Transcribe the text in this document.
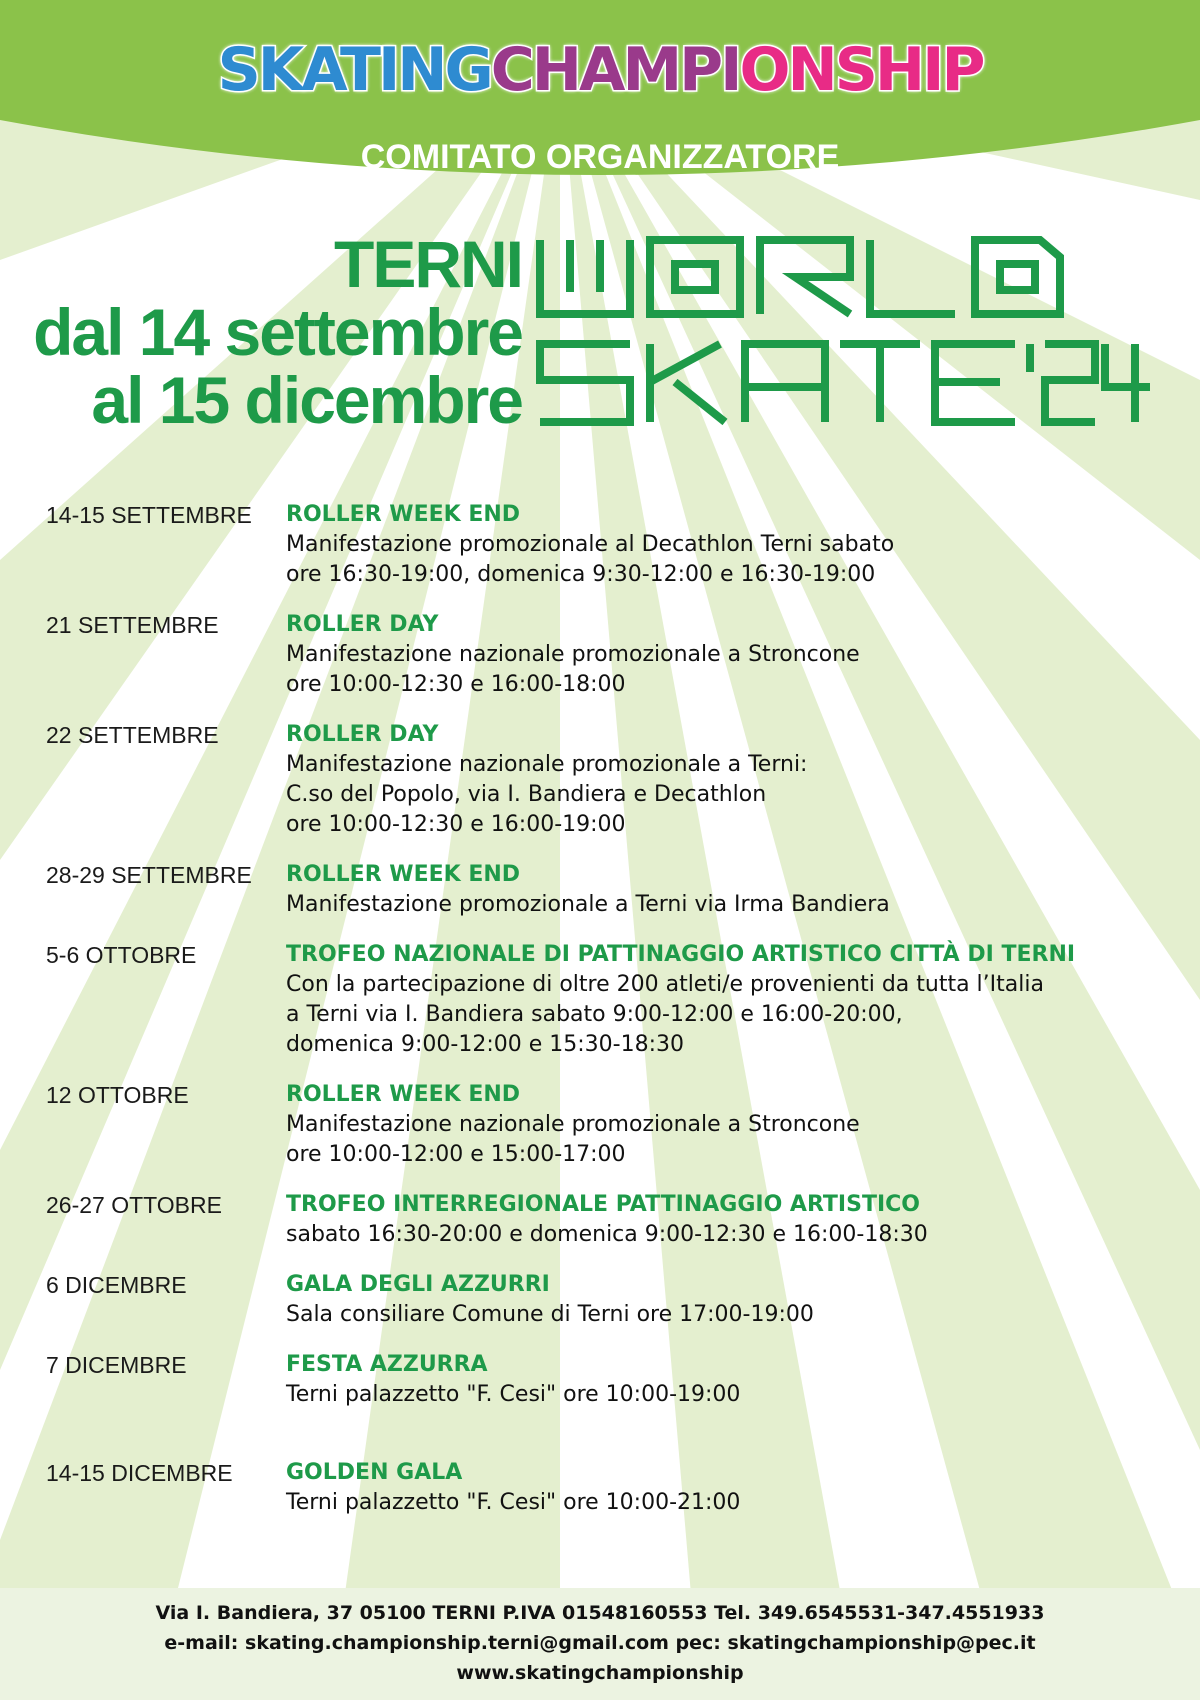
SKATINGCHAMPIONSHIP
COMITATO ORGANIZZATORE
TERNI
dal 14 settembre
al 15 dicembre
14-15 SETTEMBRE	ROLLER WEEK END
Manifestazione promozionale al Decathlon Terni sabato
ore 16:30-19:00, domenica 9:30-12:00 e 16:30-19:00
21 SETTEMBRE	ROLLER DAY
Manifestazione nazionale promozionale a Stroncone
ore 10:00-12:30 e 16:00-18:00
22 SETTEMBRE	ROLLER DAY
Manifestazione nazionale promozionale a Terni:
C.so del Popolo, via I. Bandiera e Decathlon
ore 10:00-12:30 e 16:00-19:00
28-29 SETTEMBRE	ROLLER WEEK END
Manifestazione promozionale a Terni via Irma Bandiera
5-6 OTTOBRE	TROFEO NAZIONALE DI PATTINAGGIO ARTISTICO CITTÀ DI TERNI
Con la partecipazione di oltre 200 atleti/e provenienti da tutta l’Italia
a Terni via I. Bandiera sabato 9:00-12:00 e 16:00-20:00,
domenica 9:00-12:00 e 15:30-18:30
12 OTTOBRE	ROLLER WEEK END
Manifestazione nazionale promozionale a Stroncone
ore 10:00-12:00 e 15:00-17:00
26-27 OTTOBRE	TROFEO INTERREGIONALE PATTINAGGIO ARTISTICO
sabato 16:30-20:00 e domenica 9:00-12:30 e 16:00-18:30
6 DICEMBRE	GALA DEGLI AZZURRI
Sala consiliare Comune di Terni ore 17:00-19:00
7 DICEMBRE	FESTA AZZURRA
Terni palazzetto "F. Cesi" ore 10:00-19:00
14-15 DICEMBRE	GOLDEN GALA
Terni palazzetto "F. Cesi" ore 10:00-21:00
Via I. Bandiera, 37 05100 TERNI P.IVA 01548160553 Tel. 349.6545531-347.4551933
e-mail: skating.championship.terni@gmail.com pec: skatingchampionship@pec.it
www.skatingchampionship
